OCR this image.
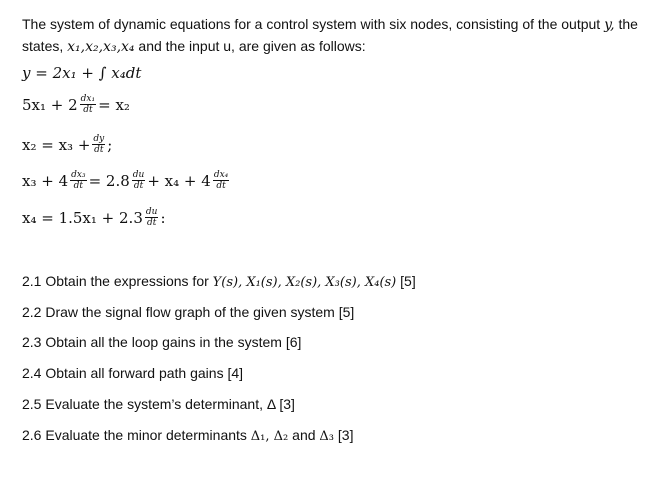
The system of dynamic equations for a control system with six nodes, consisting of the output y, the states, x₁,x₂,x₃,x₄ and the input u, are given as follows:
y = 2x₁ + ∫ x₄dt
$5x_1 + 2 \frac{\text{dx₁}}{dt} = x_2$
$x_2 = x_3 + \frac{dy}{dt}$ ;
$x_3 + 4 \frac{\text{dx₃}}{dt} = 2.8 \frac{du}{dt} + x_4 + 4 \frac{\text{dx₄}}{dt}$
$x_4 = 1.5x_1 + 2.3 \frac{du}{dt}$ :
2.1 Obtain the expressions for Y(s), X₁(s), X₂(s), X₃(s), X₄(s) [5]
2.2 Draw the signal flow graph of the given system [5]
2.3 Obtain all the loop gains in the system [6]
2.4 Obtain all forward path gains [4]
2.5 Evaluate the system’s determinant, Δ [3]
2.6 Evaluate the minor determinants Δ₁, Δ₂ and Δ₃ [3]
